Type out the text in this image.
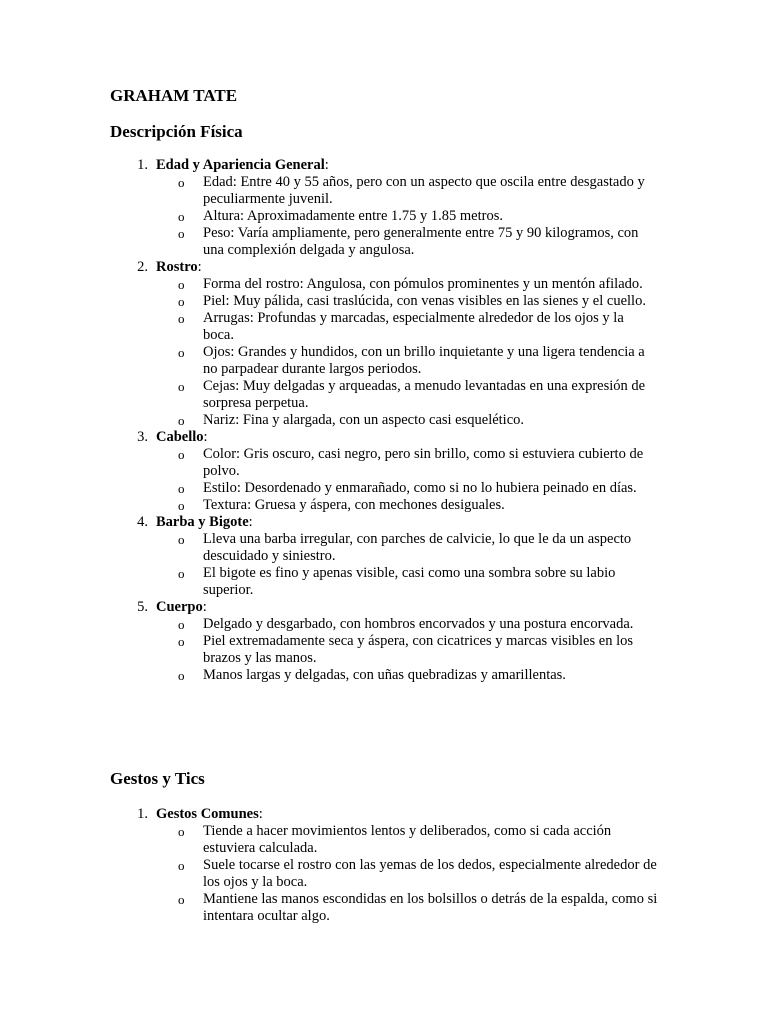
GRAHAM TATE
Descripción Física
1. Edad y Apariencia General:
o Edad: Entre 40 y 55 años, pero con un aspecto que oscila entre desgastado y peculiarmente juvenil.
o Altura: Aproximadamente entre 1.75 y 1.85 metros.
o Peso: Varía ampliamente, pero generalmente entre 75 y 90 kilogramos, con una complexión delgada y angulosa.
2. Rostro:
o Forma del rostro: Angulosa, con pómulos prominentes y un mentón afilado.
o Piel: Muy pálida, casi traslúcida, con venas visibles en las sienes y el cuello.
o Arrugas: Profundas y marcadas, especialmente alrededor de los ojos y la boca.
o Ojos: Grandes y hundidos, con un brillo inquietante y una ligera tendencia a no parpadear durante largos periodos.
o Cejas: Muy delgadas y arqueadas, a menudo levantadas en una expresión de sorpresa perpetua.
o Nariz: Fina y alargada, con un aspecto casi esquelético.
3. Cabello:
o Color: Gris oscuro, casi negro, pero sin brillo, como si estuviera cubierto de polvo.
o Estilo: Desordenado y enmarañado, como si no lo hubiera peinado en días.
o Textura: Gruesa y áspera, con mechones desiguales.
4. Barba y Bigote:
o Lleva una barba irregular, con parches de calvicie, lo que le da un aspecto descuidado y siniestro.
o El bigote es fino y apenas visible, casi como una sombra sobre su labio superior.
5. Cuerpo:
o Delgado y desgarbado, con hombros encorvados y una postura encorvada.
o Piel extremadamente seca y áspera, con cicatrices y marcas visibles en los brazos y las manos.
o Manos largas y delgadas, con uñas quebradizas y amarillentas.
Gestos y Tics
1. Gestos Comunes:
o Tiende a hacer movimientos lentos y deliberados, como si cada acción estuviera calculada.
o Suele tocarse el rostro con las yemas de los dedos, especialmente alrededor de los ojos y la boca.
o Mantiene las manos escondidas en los bolsillos o detrás de la espalda, como si intentara ocultar algo.
